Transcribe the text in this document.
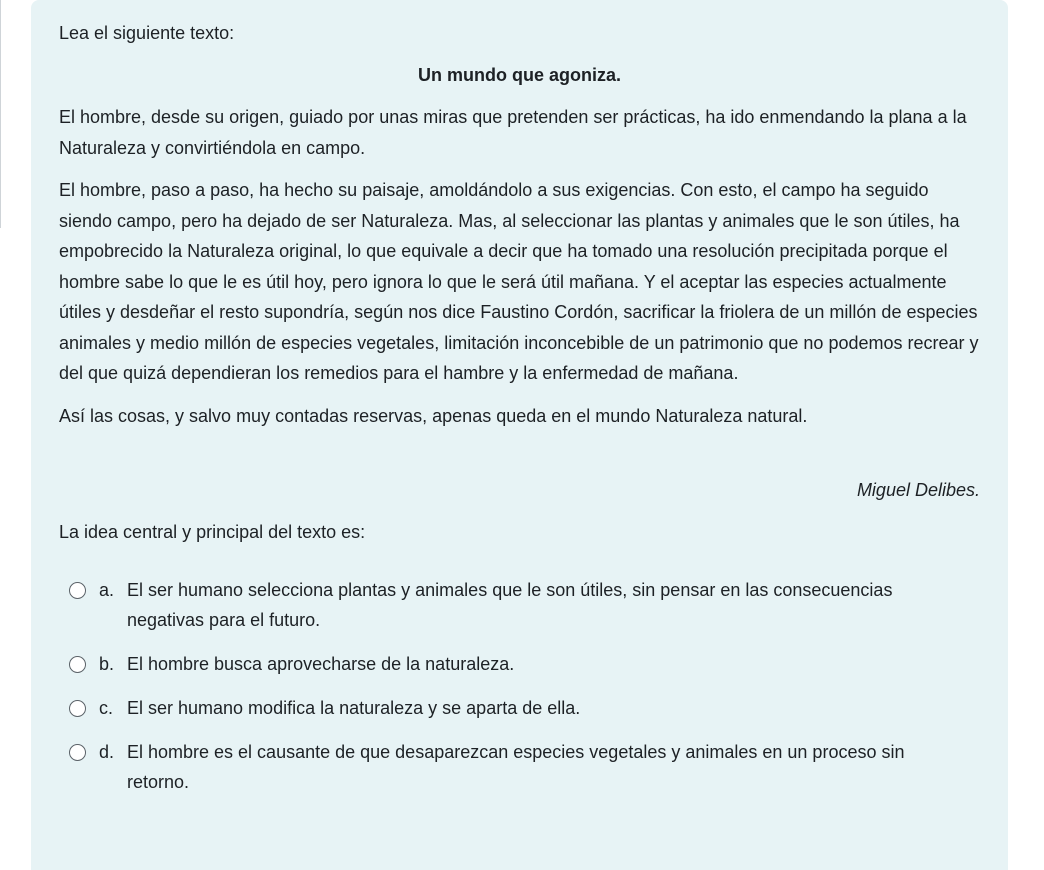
Lea el siguiente texto:

Un mundo que agoniza.

El hombre, desde su origen, guiado por unas miras que pretenden ser prácticas, ha ido enmendando la plana a la Naturaleza y convirtiéndola en campo.

El hombre, paso a paso, ha hecho su paisaje, amoldándolo a sus exigencias. Con esto, el campo ha seguido siendo campo, pero ha dejado de ser Naturaleza. Mas, al seleccionar las plantas y animales que le son útiles, ha empobrecido la Naturaleza original, lo que equivale a decir que ha tomado una resolución precipitada porque el hombre sabe lo que le es útil hoy, pero ignora lo que le será útil mañana. Y el aceptar las especies actualmente útiles y desdeñar el resto supondría, según nos dice Faustino Cordón, sacrificar la friolera de un millón de especies animales y medio millón de especies vegetales, limitación inconcebible de un patrimonio que no podemos recrear y del que quizá dependieran los remedios para el hambre y la enfermedad de mañana.

Así las cosas, y salvo muy contadas reservas, apenas queda en el mundo Naturaleza natural.

Miguel Delibes.

La idea central y principal del texto es:

a. El ser humano selecciona plantas y animales que le son útiles, sin pensar en las consecuencias negativas para el futuro.
b. El hombre busca aprovecharse de la naturaleza.
c. El ser humano modifica la naturaleza y se aparta de ella.
d. El hombre es el causante de que desaparezcan especies vegetales y animales en un proceso sin retorno.
